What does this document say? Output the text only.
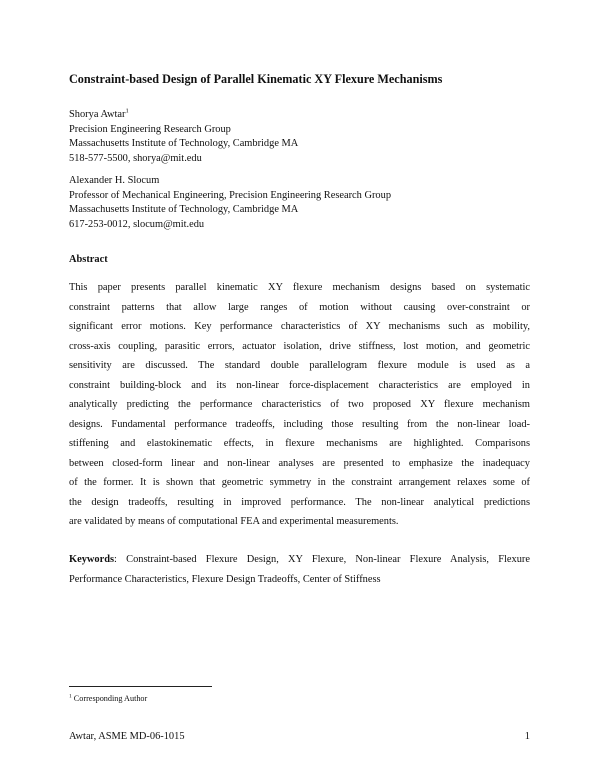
Constraint-based Design of Parallel Kinematic XY Flexure Mechanisms
Shorya Awtar$^1$
Precision Engineering Research Group
Massachusetts Institute of Technology, Cambridge MA
518-577-5500, shorya@mit.edu
Alexander H. Slocum
Professor of Mechanical Engineering, Precision Engineering Research Group
Massachusetts Institute of Technology, Cambridge MA
617-253-0012, slocum@mit.edu
Abstract
This paper presents parallel kinematic XY flexure mechanism designs based on systematic
constraint patterns that allow large ranges of motion without causing over-constraint or
significant error motions. Key performance characteristics of XY mechanisms such as mobility,
cross-axis coupling, parasitic errors, actuator isolation, drive stiffness, lost motion, and geometric
sensitivity are discussed. The standard double parallelogram flexure module is used as a
constraint building-block and its non-linear force-displacement characteristics are employed in
analytically predicting the performance characteristics of two proposed XY flexure mechanism
designs. Fundamental performance tradeoffs, including those resulting from the non-linear load-
stiffening and elastokinematic effects, in flexure mechanisms are highlighted. Comparisons
between closed-form linear and non-linear analyses are presented to emphasize the inadequacy
of the former. It is shown that geometric symmetry in the constraint arrangement relaxes some of
the design tradeoffs, resulting in improved performance. The non-linear analytical predictions
are validated by means of computational FEA and experimental measurements.
Keywords: Constraint-based Flexure Design, XY Flexure, Non-linear Flexure Analysis, Flexure
Performance Characteristics, Flexure Design Tradeoffs, Center of Stiffness
$^1$ Corresponding Author
Awtar, ASME MD-06-1015	1
